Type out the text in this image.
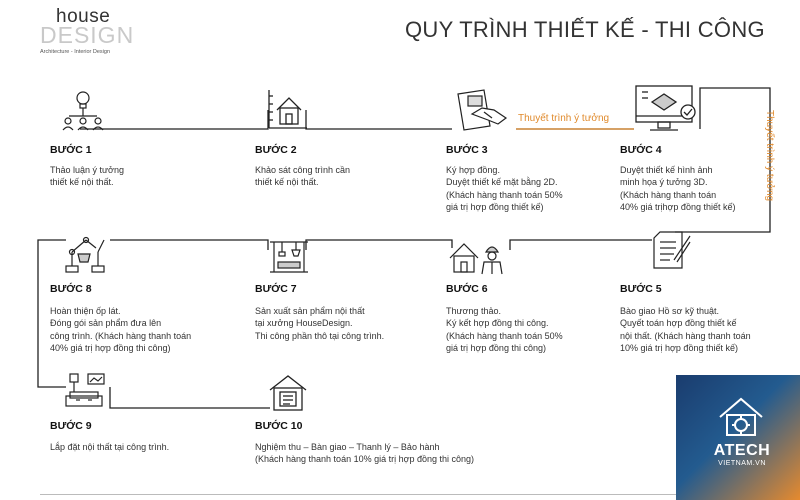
house
DESIGN
Architecture - Interior Design
QUY TRÌNH THIẾT KẾ - THI CÔNG
Thuyết trình ý tưởng	Thuyết trình ý tưởng
BƯỚC 1
Thảo luận ý tưởng
thiết kế nội thất.
BƯỚC 2
Khảo sát công trình cần
thiết kế nội thất.
BƯỚC 3
Ký hợp đồng.
Duyệt thiết kế mặt bằng 2D.
(Khách hàng thanh toán 50%
giá trị hợp đồng thiết kế)
BƯỚC 4
Duyệt thiết kế hình ảnh
minh họa ý tưởng 3D.
(Khách hàng thanh toán
40% giá trịhợp đồng thiết kế)
BƯỚC 5
Bào giao Hồ sơ kỹ thuật.
Quyết toán hợp đồng thiết kế
nội thất. (Khách hàng thanh toán
10% giá trị hợp đồng thiết kế)
BƯỚC 6
Thương thảo.
Ký kết hợp đồng thi công.
(Khách hàng thanh toán 50%
giá trị hợp đồng thi công)
BƯỚC 7
Sản xuất sản phẩm nội thất
tại xưởng HouseDesign.
Thi công phần thô tại công trình.
BƯỚC 8
Hoàn thiện ốp lát.
Đóng gói sản phẩm đưa lên
công trình. (Khách hàng thanh toán
40% giá trị hợp đồng thi công)
BƯỚC 9
Lắp đặt nội thất tại công trình.
BƯỚC 10
Nghiệm thu – Bàn giao – Thanh lý – Bảo hành
(Khách hàng thanh toán 10% giá trị hợp đồng thi công)
ATECH
VIETNAM.VN
